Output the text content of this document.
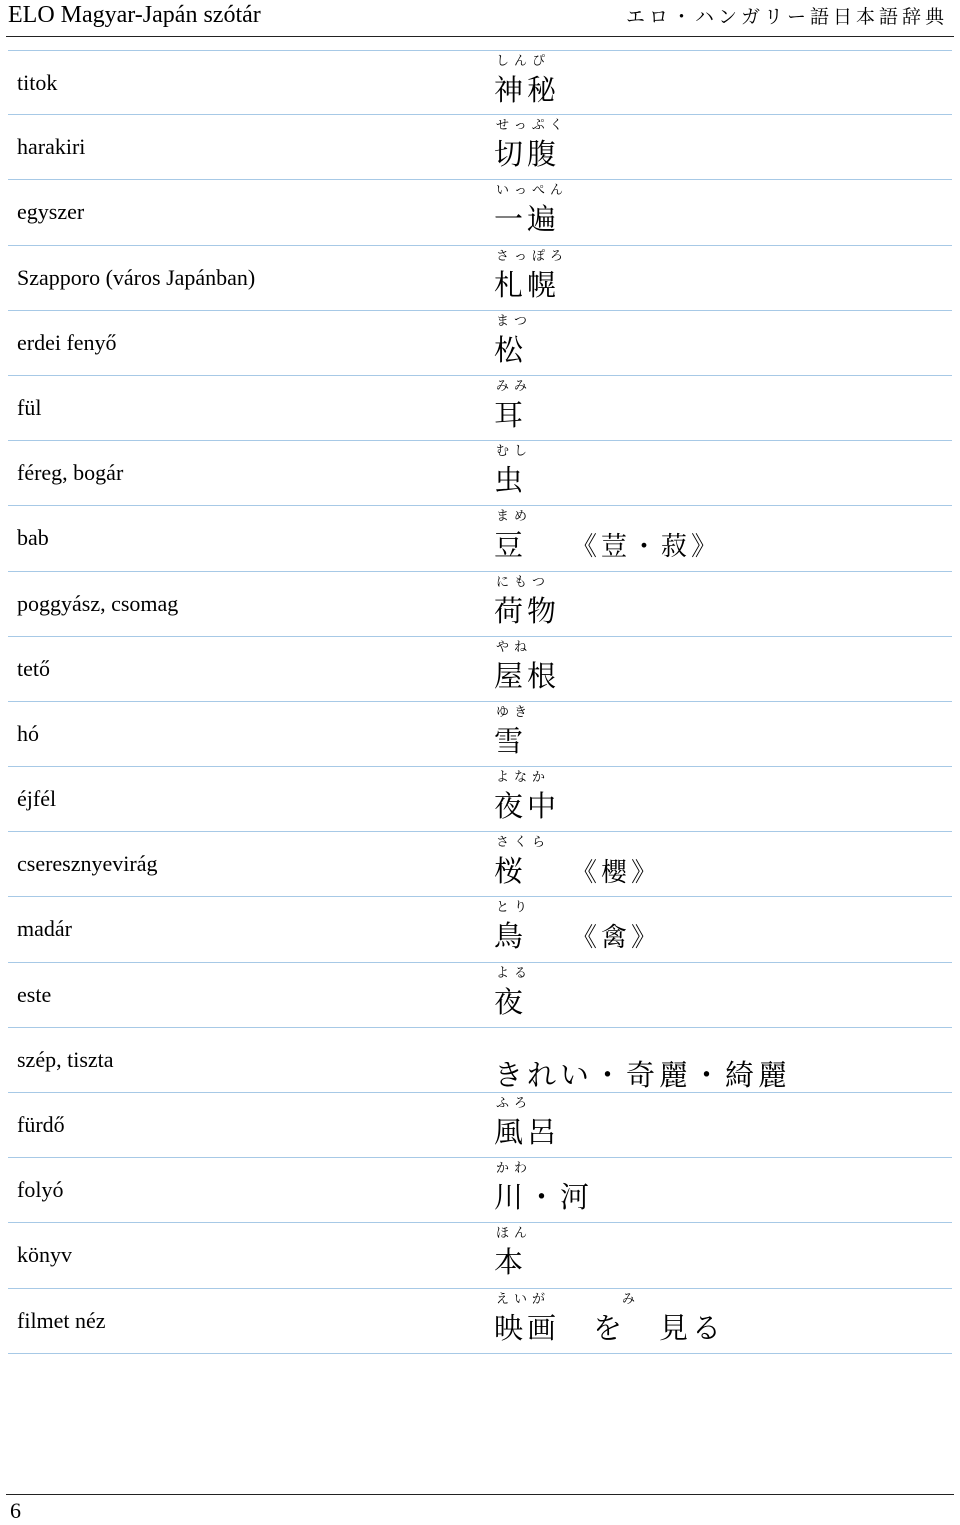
ELO Magyar-Japán szótár	エロ・ハンガリー語日本語辞典
titok
しんぴ
神秘
harakiri
せっぷく
切腹
egyszer
いっぺん
一遍
Szapporo (város Japánban)
さっぽろ
札幌
erdei fenyő
まつ
松
fül
みみ
耳
féreg, bogár
むし
虫
bab
まめ
豆 《荳・菽》
poggyász, csomag
にもつ
荷物
tető
やね
屋根
hó
ゆき
雪
éjfél
よなか
夜中
cseresznyevirág
さくら
桜 《櫻》
madár
とり
鳥 《禽》
este
よる
夜
szép, tiszta	きれい・奇麗・綺麗
fürdő
ふろ
風呂
folyó
かわ
川・河
könyv
ほん
本
filmet néz
えいが　　　　み
映画　を　見る
6
